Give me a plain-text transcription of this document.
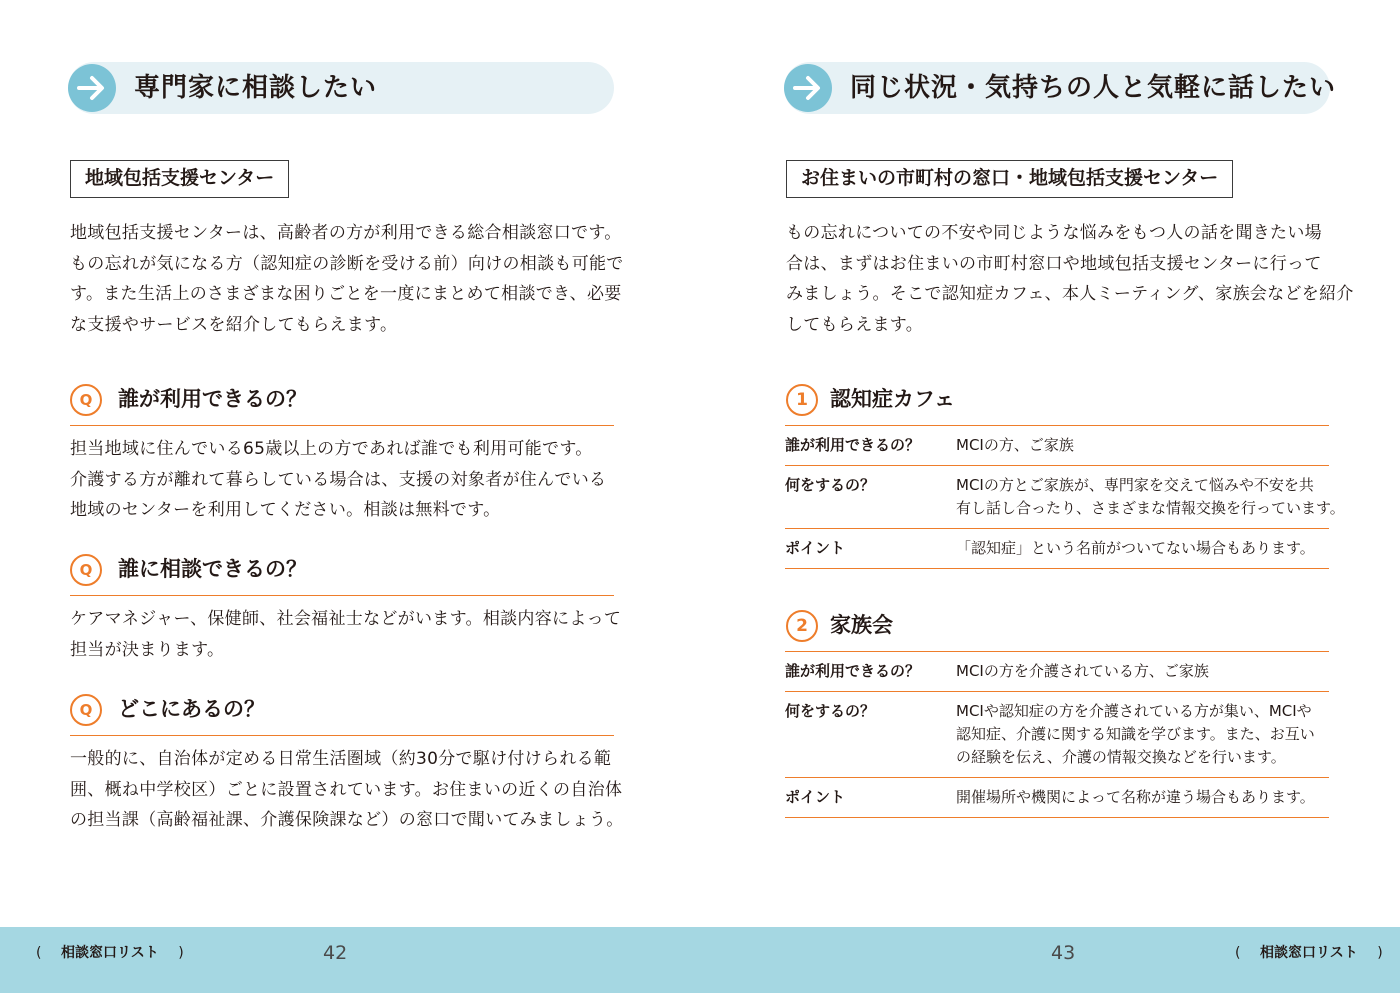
専門家に相談したい
地域包括支援センター
地域包括支援センターは、高齢者の方が利用できる総合相談窓口です。
もの忘れが気になる方（認知症の診断を受ける前）向けの相談も可能で
す。また生活上のさまざまな困りごとを一度にまとめて相談でき、必要
な支援やサービスを紹介してもらえます。
Q	誰が利用できるの？
担当地域に住んでいる65歳以上の方であれば誰でも利用可能です。
介護する方が離れて暮らしている場合は、支援の対象者が住んでいる
地域のセンターを利用してください。相談は無料です。
Q	誰に相談できるの？
ケアマネジャー、保健師、社会福祉士などがいます。相談内容によって
担当が決まります。
Q	どこにあるの？
一般的に、自治体が定める日常生活圏域（約30分で駆け付けられる範
囲、概ね中学校区）ごとに設置されています。お住まいの近くの自治体
の担当課（高齢福祉課、介護保険課など）の窓口で聞いてみましょう。
同じ状況・気持ちの人と気軽に話したい
お住まいの市町村の窓口・地域包括支援センター
もの忘れについての不安や同じような悩みをもつ人の話を聞きたい場
合は、まずはお住まいの市町村窓口や地域包括支援センターに行って
みましょう。そこで認知症カフェ、本人ミーティング、家族会などを紹介
してもらえます。
1	認知症カフェ
誰が利用できるの？ MCIの方、ご家族
何をするの？	MCIの方とご家族が、専門家を交えて悩みや不安を共
有し話し合ったり、さまざまな情報交換を行っています。
ポイント	「認知症」という名前がついてない場合もあります。
2	家族会
誰が利用できるの？ MCIの方を介護されている方、ご家族
何をするの？	MCIや認知症の方を介護されている方が集い、MCIや
認知症、介護に関する知識を学びます。また、お互い
の経験を伝え、介護の情報交換などを行います。
ポイント	開催場所や機関によって名称が違う場合もあります。
( 相談窓口リスト )	42	43	( 相談窓口リスト )
